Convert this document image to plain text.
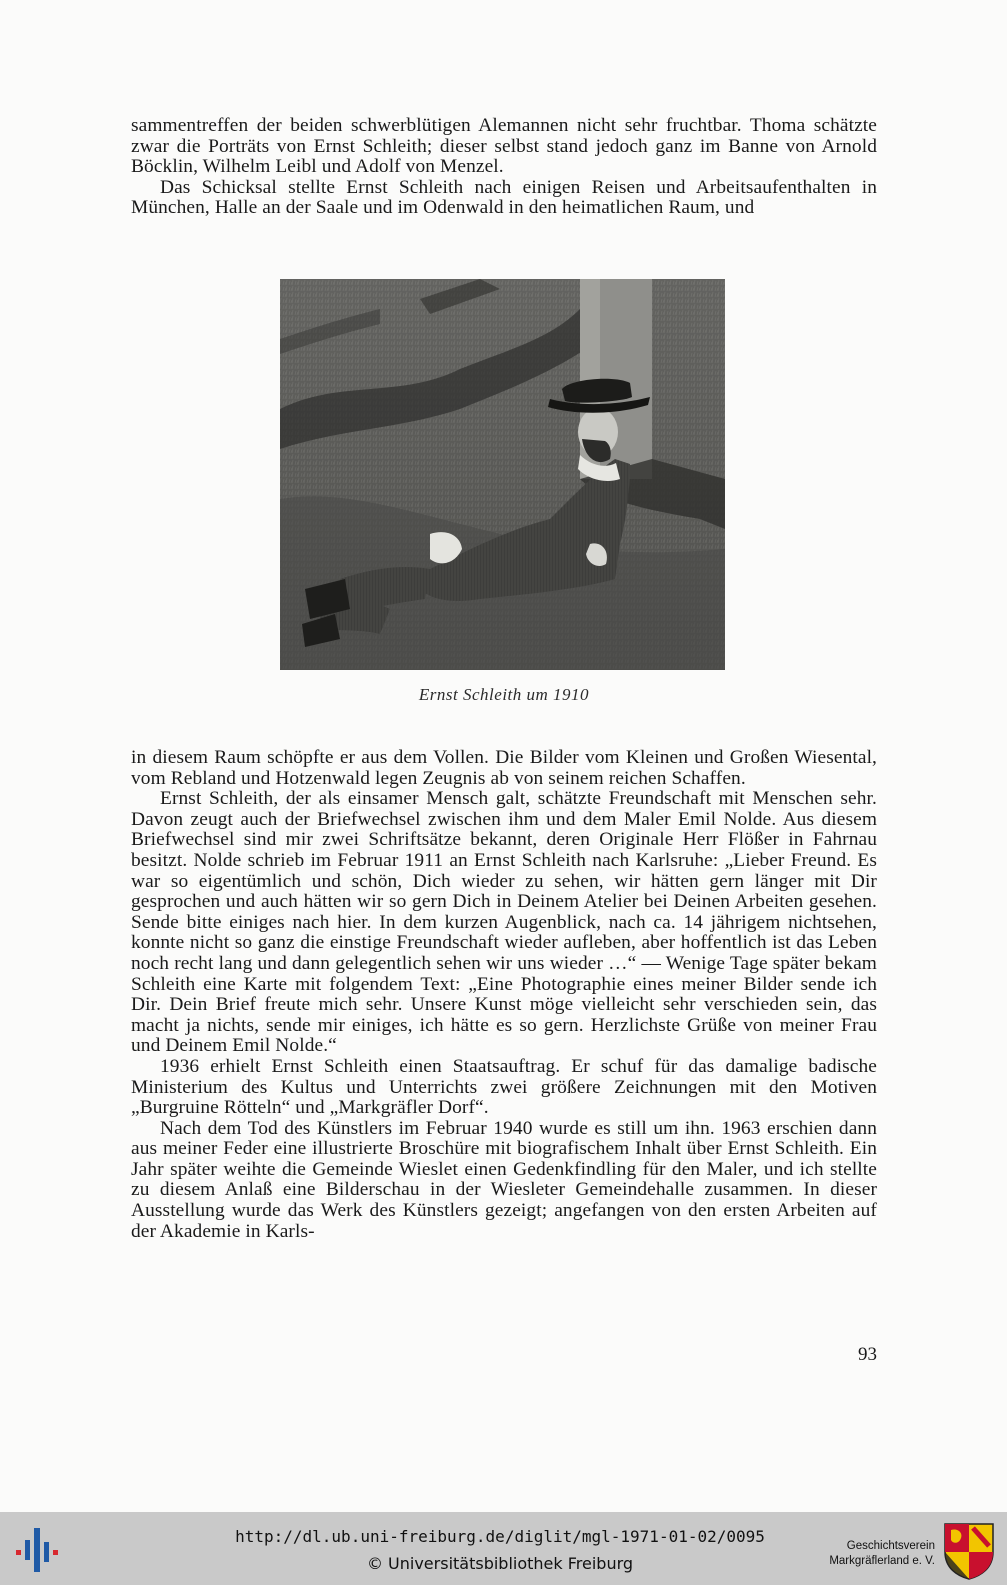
sammentreffen der beiden schwerblütigen Alemannen nicht sehr fruchtbar. Thoma schätzte zwar die Porträts von Ernst Schleith; dieser selbst stand jedoch ganz im Banne von Arnold Böcklin, Wilhelm Leibl und Adolf von Menzel.

Das Schicksal stellte Ernst Schleith nach einigen Reisen und Arbeitsaufenthalten in München, Halle an der Saale und im Odenwald in den heimatlichen Raum, und

Ernst Schleith um 1910

in diesem Raum schöpfte er aus dem Vollen. Die Bilder vom Kleinen und Großen Wiesental, vom Rebland und Hotzenwald legen Zeugnis ab von seinem reichen Schaffen.

Ernst Schleith, der als einsamer Mensch galt, schätzte Freundschaft mit Menschen sehr. Davon zeugt auch der Briefwechsel zwischen ihm und dem Maler Emil Nolde. Aus diesem Briefwechsel sind mir zwei Schriftsätze bekannt, deren Originale Herr Flößer in Fahrnau besitzt. Nolde schrieb im Februar 1911 an Ernst Schleith nach Karlsruhe: „Lieber Freund. Es war so eigentümlich und schön, Dich wieder zu sehen, wir hätten gern länger mit Dir gesprochen und auch hätten wir so gern Dich in Deinem Atelier bei Deinen Arbeiten gesehen. Sende bitte einiges nach hier. In dem kurzen Augenblick, nach ca. 14 jährigem nichtsehen, konnte nicht so ganz die einstige Freundschaft wieder aufleben, aber hoffentlich ist das Leben noch recht lang und dann gelegentlich sehen wir uns wieder …“ — Wenige Tage später bekam Schleith eine Karte mit folgendem Text: „Eine Photographie eines meiner Bilder sende ich Dir. Dein Brief freute mich sehr. Unsere Kunst möge vielleicht sehr verschieden sein, das macht ja nichts, sende mir einiges, ich hätte es so gern. Herzlichste Grüße von meiner Frau und Deinem Emil Nolde.“

1936 erhielt Ernst Schleith einen Staatsauftrag. Er schuf für das damalige badische Ministerium des Kultus und Unterrichts zwei größere Zeichnungen mit den Motiven „Burgruine Rötteln“ und „Markgräfler Dorf“.

Nach dem Tod des Künstlers im Februar 1940 wurde es still um ihn. 1963 erschien dann aus meiner Feder eine illustrierte Broschüre mit biografischem Inhalt über Ernst Schleith. Ein Jahr später weihte die Gemeinde Wieslet einen Gedenkfindling für den Maler, und ich stellte zu diesem Anlaß eine Bilderschau in der Wiesleter Gemeindehalle zusammen. In dieser Ausstellung wurde das Werk des Künstlers gezeigt; angefangen von den ersten Arbeiten auf der Akademie in Karls-

93
http://dl.ub.uni-freiburg.de/diglit/mgl-1971-01-02/0095
© Universitätsbibliothek Freiburg
Geschichtsverein
Markgräflerland e. V.
